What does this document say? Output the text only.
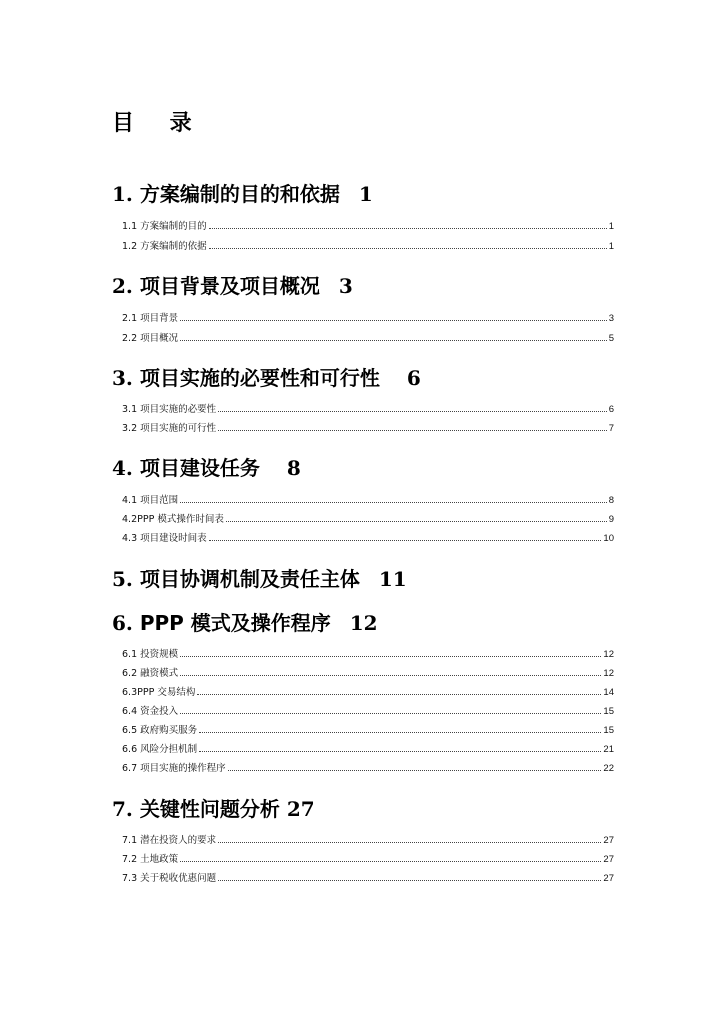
目 录
1. 方案编制的目的和依据 1
1.1 方案编制的目的	1
1.2 方案编制的依据	1
2. 项目背景及项目概况 3
2.1 项目背景	3
2.2 项目概况	5
3. 项目实施的必要性和可行性 6
3.1 项目实施的必要性	6
3.2 项目实施的可行性	7
4. 项目建设任务 8
4.1 项目范围	8
4.2PPP 模式操作时间表	9
4.3 项目建设时间表	10
5. 项目协调机制及责任主体 11
6. PPP 模式及操作程序 12
6.1 投资规模	12
6.2 融资模式	12
6.3PPP 交易结构	14
6.4 资金投入	15
6.5 政府购买服务	15
6.6 风险分担机制	21
6.7 项目实施的操作程序	22
7. 关键性问题分析 27
7.1 潜在投资人的要求	27
7.2 土地政策	27
7.3 关于税收优惠问题	27
